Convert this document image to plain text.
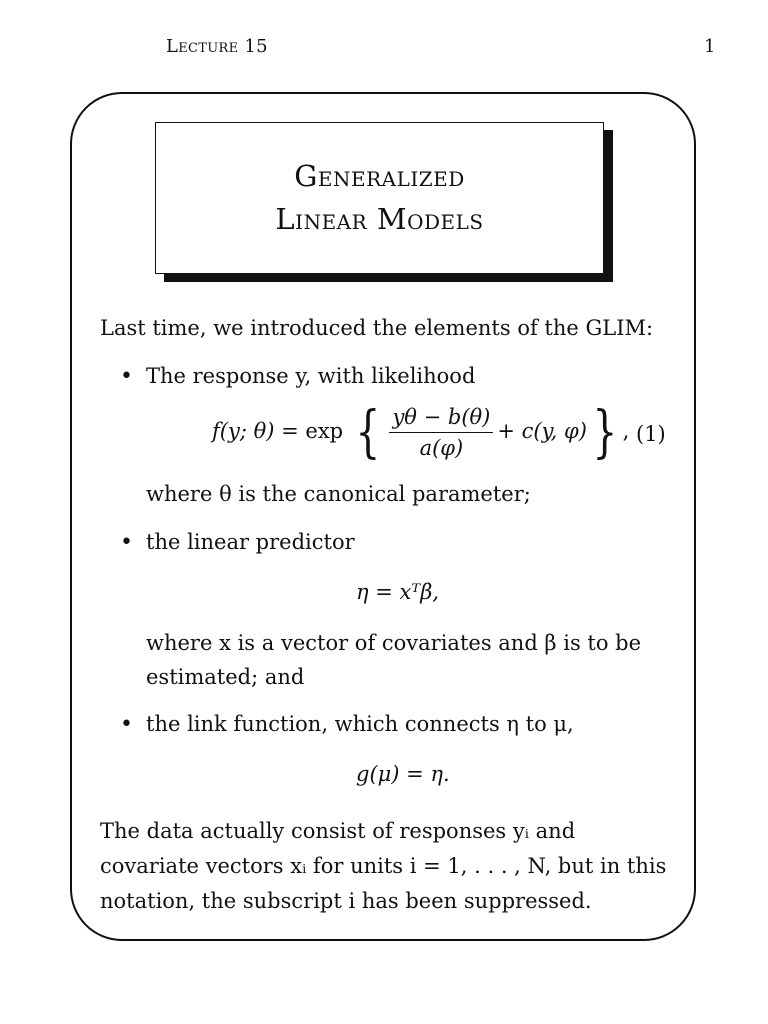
Lecture 15	1
Generalized
Linear Models
Last time, we introduced the elements of the GLIM:
• The response y, with likelihood
f(y; θ) = exp { $\frac{y\theta - b(\theta)}{a(\varphi)} + c(y$, φ)} , (1)
where θ is the canonical parameter;
• the linear predictor
η = xᵀβ,
where x is a vector of covariates and β is to be
estimated; and
• the link function, which connects η to μ,
g(μ) = η.
The data actually consist of responses yᵢ and
covariate vectors xᵢ for units i = 1, . . . , N, but in this
notation, the subscript i has been suppressed.
